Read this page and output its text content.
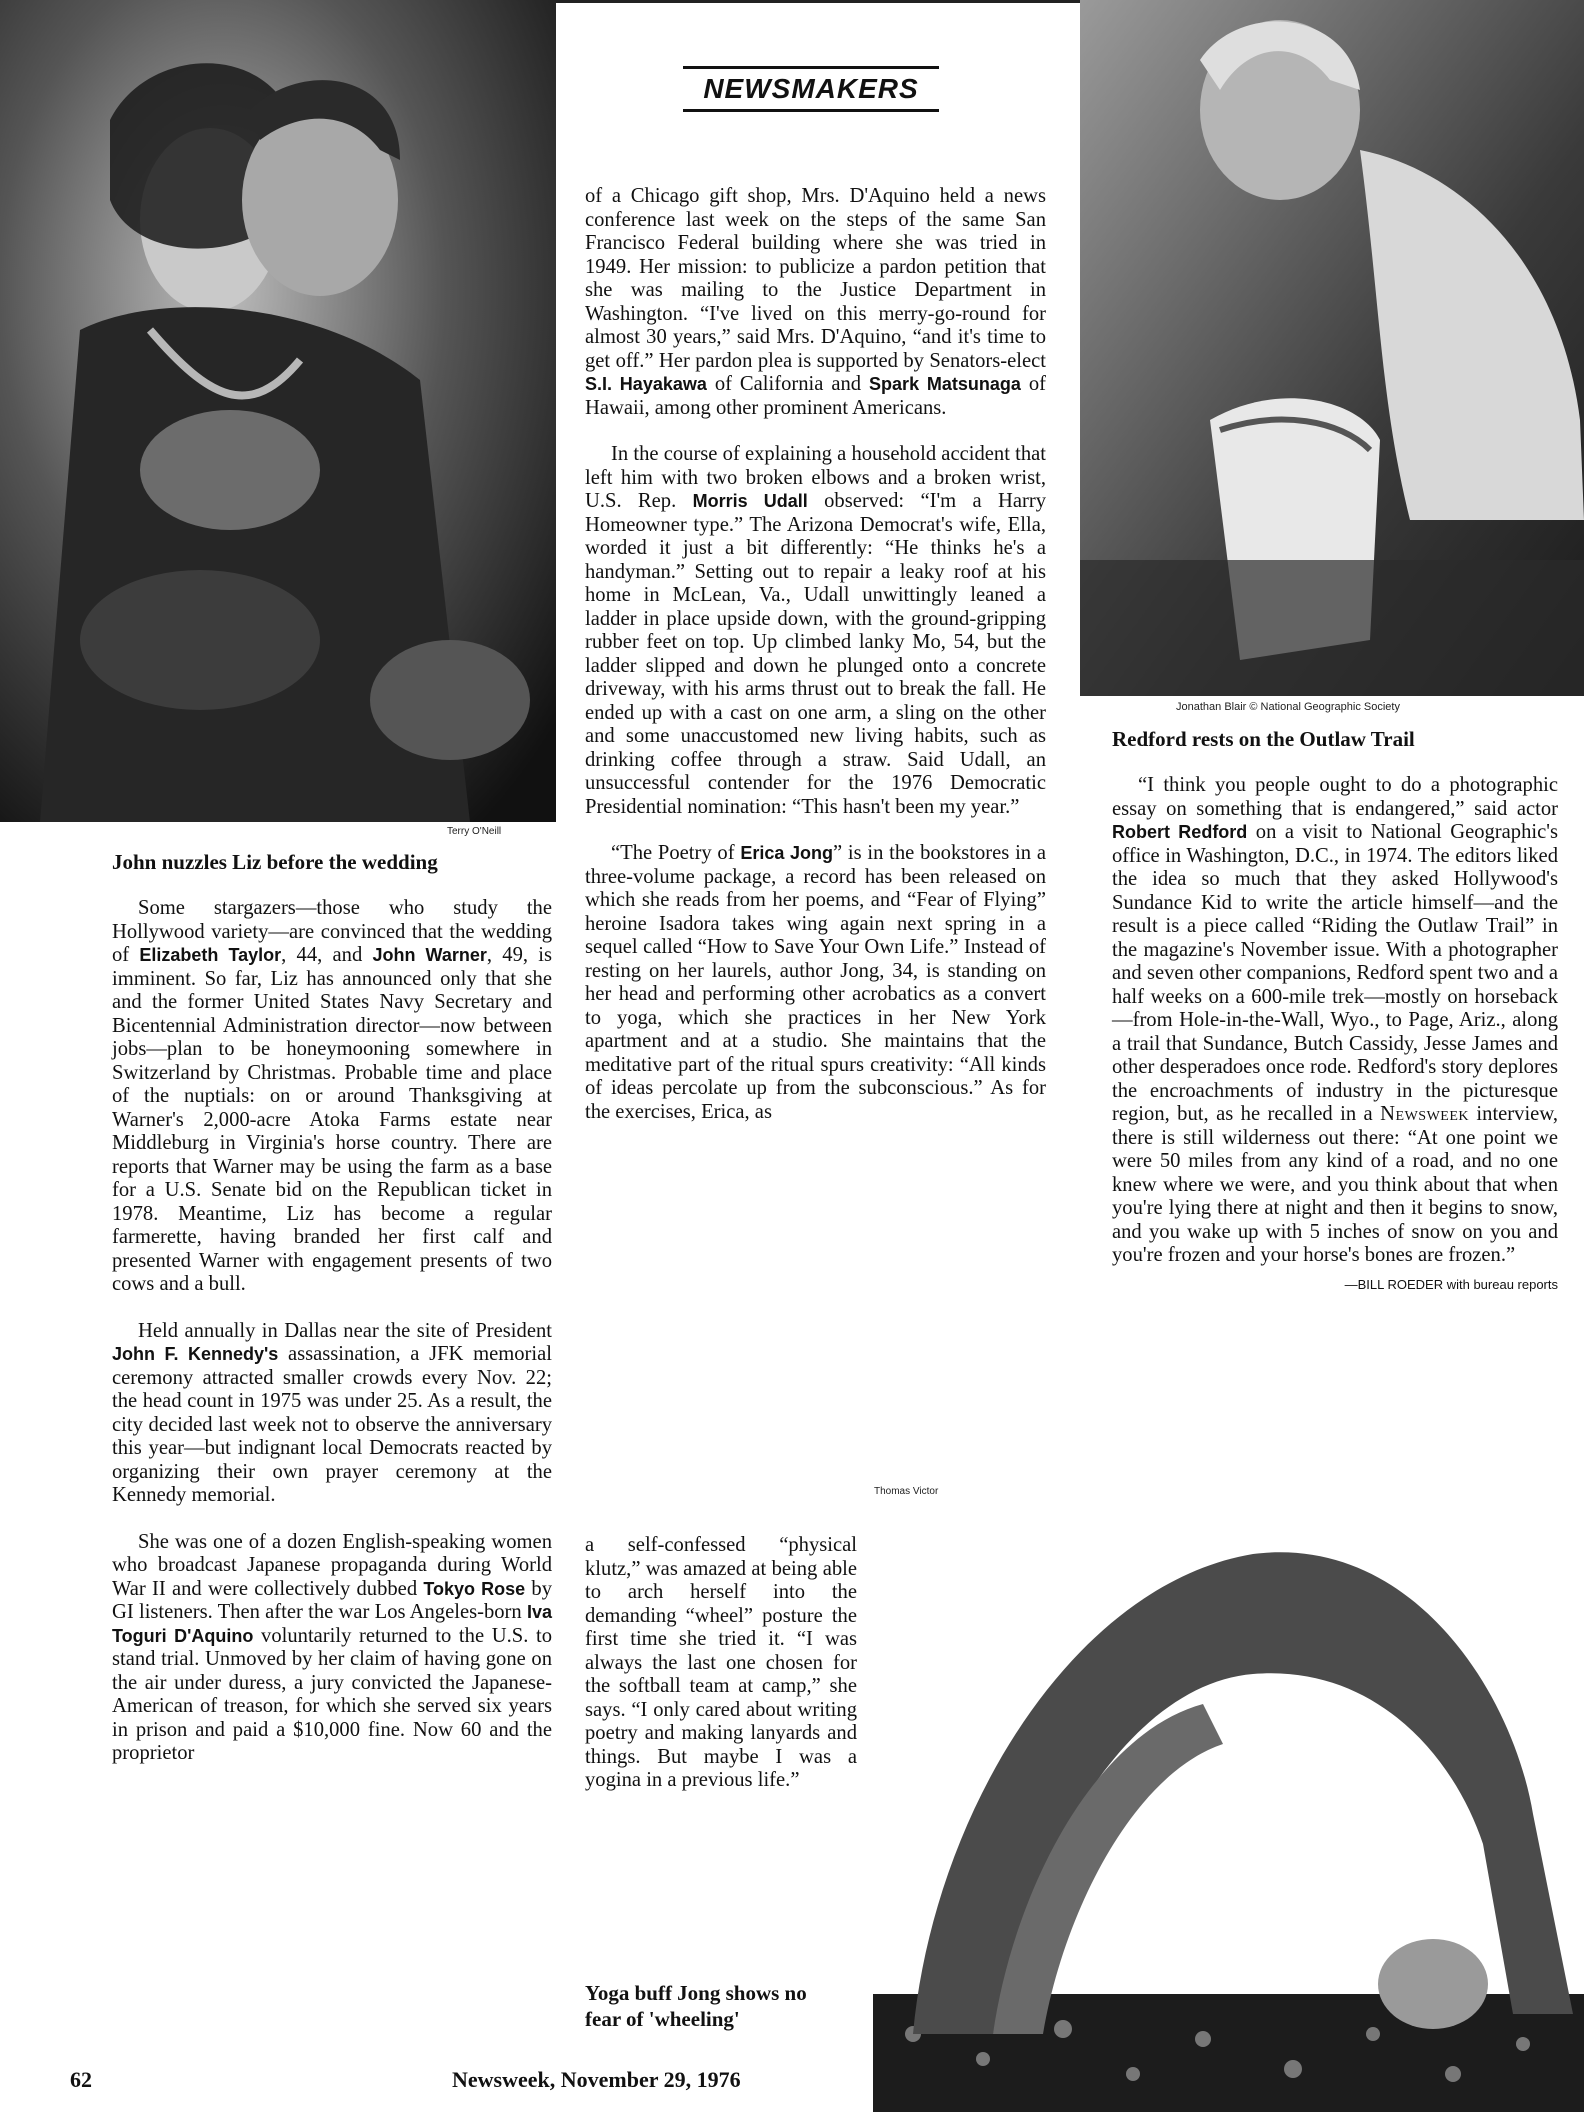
NEWSMAKERS
Terry O'Neill
John nuzzles Liz before the wedding
Jonathan Blair © National Geographic Society
Redford rests on the Outlaw Trail
Thomas Victor

Some stargazers—those who study the Hollywood variety—are convinced that the wedding of Elizabeth Taylor, 44, and John Warner, 49, is imminent. So far, Liz has announced only that she and the former United States Navy Secretary and Bicentennial Administration director—now between jobs—plan to be honeymooning somewhere in Switzerland by Christmas. Probable time and place of the nuptials: on or around Thanksgiving at Warner's 2,000-acre Atoka Farms estate near Middleburg in Virginia's horse country. There are reports that Warner may be using the farm as a base for a U.S. Senate bid on the Republican ticket in 1978. Meantime, Liz has become a regular farmerette, having branded her first calf and presented Warner with engagement presents of two cows and a bull.

Held annually in Dallas near the site of President John F. Kennedy's assassination, a JFK memorial ceremony attracted smaller crowds every Nov. 22; the head count in 1975 was under 25. As a result, the city decided last week not to observe the anniversary this year—but indignant local Democrats reacted by organizing their own prayer ceremony at the Kennedy memorial.

She was one of a dozen English-speaking women who broadcast Japanese propaganda during World War II and were collectively dubbed Tokyo Rose by GI listeners. Then after the war Los Angeles-born Iva Toguri D'Aquino voluntarily returned to the U.S. to stand trial. Unmoved by her claim of having gone on the air under duress, a jury convicted the Japanese-American of treason, for which she served six years in prison and paid a $10,000 fine. Now 60 and the proprietor

of a Chicago gift shop, Mrs. D'Aquino held a news conference last week on the steps of the same San Francisco Federal building where she was tried in 1949. Her mission: to publicize a pardon petition that she was mailing to the Justice Department in Washington. “I've lived on this merry-go-round for almost 30 years,” said Mrs. D'Aquino, “and it's time to get off.” Her pardon plea is supported by Senators-elect S.I. Hayakawa of California and Spark Matsunaga of Hawaii, among other prominent Americans.

In the course of explaining a household accident that left him with two broken elbows and a broken wrist, U.S. Rep. Morris Udall observed: “I'm a Harry Homeowner type.” The Arizona Democrat's wife, Ella, worded it just a bit differently: “He thinks he's a handyman.” Setting out to repair a leaky roof at his home in McLean, Va., Udall unwittingly leaned a ladder in place upside down, with the ground-gripping rubber feet on top. Up climbed lanky Mo, 54, but the ladder slipped and down he plunged onto a concrete driveway, with his arms thrust out to break the fall. He ended up with a cast on one arm, a sling on the other and some unaccustomed new living habits, such as drinking coffee through a straw. Said Udall, an unsuccessful contender for the 1976 Democratic Presidential nomination: “This hasn't been my year.”

“The Poetry of Erica Jong” is in the bookstores in a three-volume package, a record has been released on which she reads from her poems, and “Fear of Flying” heroine Isadora takes wing again next spring in a sequel called “How to Save Your Own Life.” Instead of resting on her laurels, author Jong, 34, is standing on her head and performing other acrobatics as a convert to yoga, which she practices in her New York apartment and at a studio. She maintains that the meditative part of the ritual spurs creativity: “All kinds of ideas percolate up from the subconscious.” As for the exercises, Erica, as

a self-confessed “physical klutz,” was amazed at being able to arch herself into the demanding “wheel” posture the first time she tried it. “I was always the last one chosen for the softball team at camp,” she says. “I only cared about writing poetry and making lanyards and things. But maybe I was a yogina in a previous life.”

Yoga buff Jong shows no fear of 'wheeling'

“I think you people ought to do a photographic essay on something that is endangered,” said actor Robert Redford on a visit to National Geographic's office in Washington, D.C., in 1974. The editors liked the idea so much that they asked Hollywood's Sundance Kid to write the article himself—and the result is a piece called “Riding the Outlaw Trail” in the magazine's November issue. With a photographer and seven other companions, Redford spent two and a half weeks on a 600-mile trek—mostly on horseback—from Hole-in-the-Wall, Wyo., to Page, Ariz., along a trail that Sundance, Butch Cassidy, Jesse James and other desperadoes once rode. Redford's story deplores the encroachments of industry in the picturesque region, but, as he recalled in a Newsweek interview, there is still wilderness out there: “At one point we were 50 miles from any kind of a road, and no one knew where we were, and you think about that when you're lying there at night and then it begins to snow, and you wake up with 5 inches of snow on you and you're frozen and your horse's bones are frozen.”

—BILL ROEDER with bureau reports
62	Newsweek, November 29, 1976
